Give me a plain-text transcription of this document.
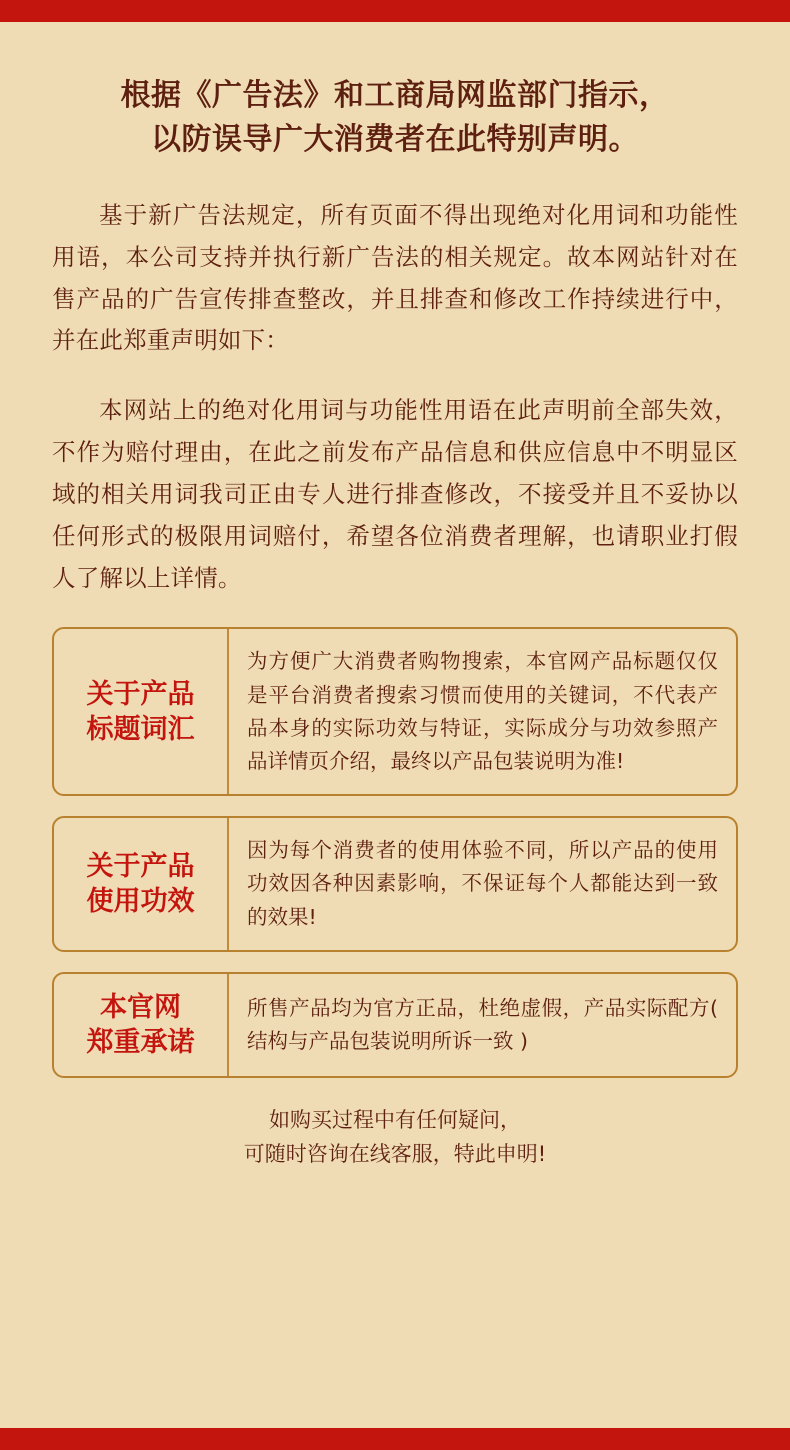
根据《广告法》和工商局网监部门指示，
以防误导广大消费者在此特别声明。

基于新广告法规定，所有页面不得出现绝对化用词和功能性用语，本公司支持并执行新广告法的相关规定。故本网站针对在售产品的广告宣传排查整改，并且排查和修改工作持续进行中，并在此郑重声明如下：

本网站上的绝对化用词与功能性用语在此声明前全部失效，不作为赔付理由，在此之前发布产品信息和供应信息中不明显区域的相关用词我司正由专人进行排查修改，不接受并且不妥协以任何形式的极限用词赔付，希望各位消费者理解，也请职业打假人了解以上详情。

关于产品
标题词汇
为方便广大消费者购物搜索，本官网产品标题仅仅是平台消费者搜索习惯而使用的关键词，不代表产品本身的实际功效与特证，实际成分与功效参照产品详情页介绍，最终以产品包装说明为准!
关于产品
使用功效
因为每个消费者的使用体验不同，所以产品的使用功效因各种因素影响，不保证每个人都能达到一致的效果!
本官网
郑重承诺
所售产品均为官方正品，杜绝虚假，产品实际配方( 结构与产品包装说明所诉一致 )
如购买过程中有任何疑问，
可随时咨询在线客服，特此申明!
